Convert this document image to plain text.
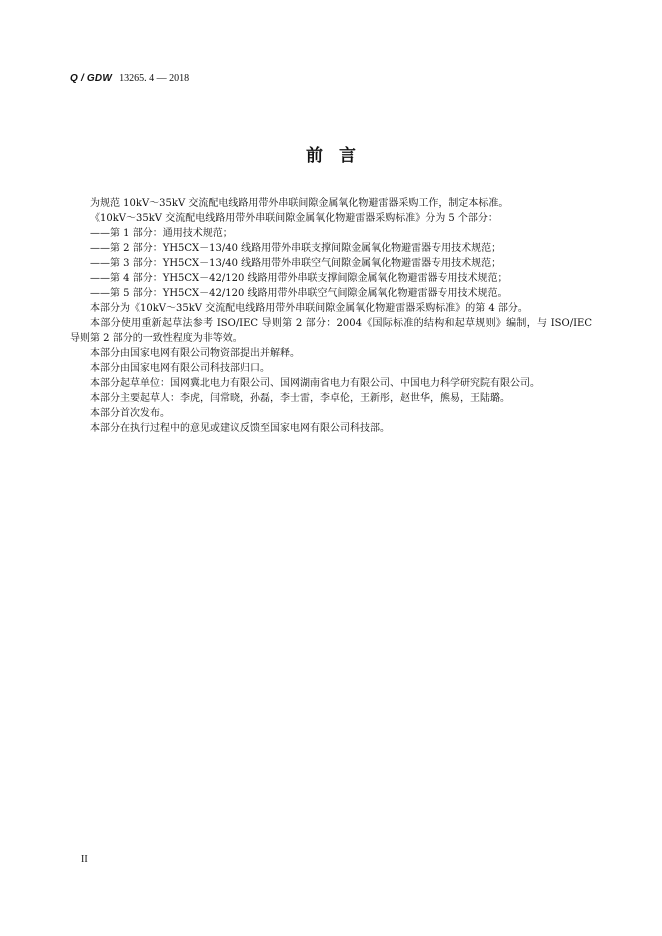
Q / GDW 13265. 4 — 2018
前言

为规范 10kV～35kV 交流配电线路用带外串联间隙金属氧化物避雷器采购工作，制定本标准。

《10kV～35kV 交流配电线路用带外串联间隙金属氧化物避雷器采购标准》分为 5 个部分：

——第 1 部分：通用技术规范；

——第 2 部分：YH5CX－13/40 线路用带外串联支撑间隙金属氧化物避雷器专用技术规范；

——第 3 部分：YH5CX－13/40 线路用带外串联空气间隙金属氧化物避雷器专用技术规范；

——第 4 部分：YH5CX－42/120 线路用带外串联支撑间隙金属氧化物避雷器专用技术规范；

——第 5 部分：YH5CX－42/120 线路用带外串联空气间隙金属氧化物避雷器专用技术规范。

本部分为《10kV～35kV 交流配电线路用带外串联间隙金属氧化物避雷器采购标准》的第 4 部分。

本部分使用重新起草法参考 ISO/IEC 导则第 2 部分：2004《国际标准的结构和起草规则》编制，与 ISO/IEC 导则第 2 部分的一致性程度为非等效。

本部分由国家电网有限公司物资部提出并解释。

本部分由国家电网有限公司科技部归口。

本部分起草单位：国网冀北电力有限公司、国网湖南省电力有限公司、中国电力科学研究院有限公司。

本部分主要起草人：李虎，闫常晓，孙磊，李士雷，李卓伦，王新彤，赵世华，熊易，王陆璐。

本部分首次发布。

本部分在执行过程中的意见或建议反馈至国家电网有限公司科技部。

II
